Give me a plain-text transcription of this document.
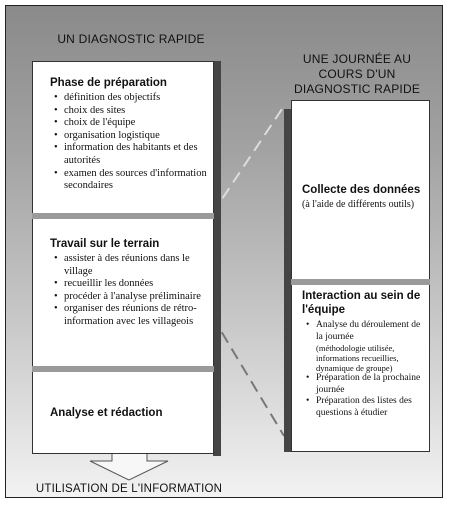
UN DIAGNOSTIC RAPIDE
Phase de préparation
• définition des objectifs
• choix des sites
• choix de l'équipe
• organisation logistique
• information des habitants et des autorités
• examen des sources d'information secondaires
Travail sur le terrain
• assister à des réunions dans le village
• recueillir les données
• procéder à l'analyse préliminaire
• organiser des réunions de rétro-information avec les villageois
Analyse et rédaction
UNE JOURNÉE AU COURS D'UN DIAGNOSTIC RAPIDE
Collecte des données
(à l'aide de différents outils)
Interaction au sein de l'équipe
• Analyse du déroulement de la journée
(méthodologie utilisée, informations recueillies, dynamique de groupe)
• Préparation de la prochaine journée
• Préparation des listes des questions à étudier
UTILISATION DE L'INFORMATION
